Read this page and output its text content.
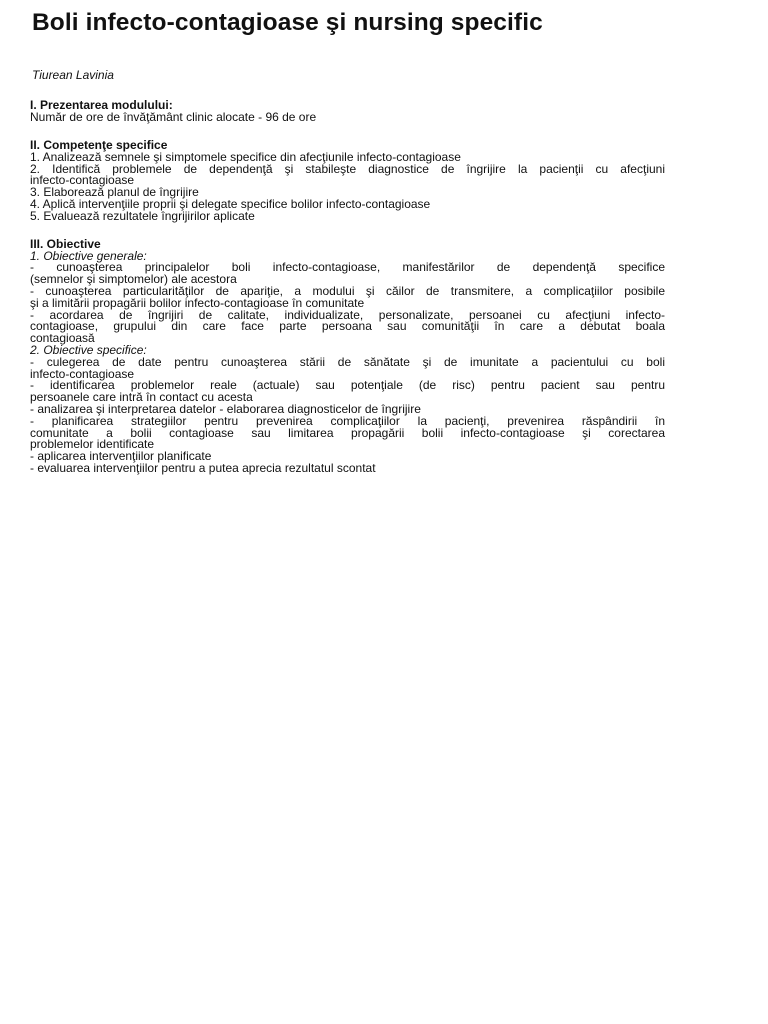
Boli infecto-contagioase şi nursing specific

Tiurean Lavinia

I. Prezentarea modulului:

Număr de ore de învăţământ clinic alocate - 96 de ore

II. Competenţe specifice

1. Analizează semnele şi simptomele specifice din afecţiunile infecto-contagioase

2. Identifică problemele de dependenţă şi stabileşte diagnostice de îngrijire la pacienţii cu afecţiuni

infecto-contagioase

3. Elaborează planul de îngrijire

4. Aplică intervenţiile proprii şi delegate specifice bolilor infecto-contagioase

5. Evaluează rezultatele îngrijirilor aplicate

III. Obiective

1. Obiective generale:

- cunoaşterea principalelor boli infecto-contagioase, manifestărilor de dependenţă specifice

(semnelor şi simptomelor) ale acestora

- cunoaşterea particularităţilor de apariţie, a modului şi căilor de transmitere, a complicaţiilor posibile

şi a limitării propagării bolilor infecto-contagioase în comunitate

- acordarea de îngrijiri de calitate, individualizate, personalizate, persoanei cu afecţiuni infecto-

contagioase, grupului din care face parte persoana sau comunităţii în care a debutat boala

contagioasă

2. Obiective specifice:

- culegerea de date pentru cunoaşterea stării de sănătate şi de imunitate a pacientului cu boli

infecto-contagioase

- identificarea problemelor reale (actuale) sau potenţiale (de risc) pentru pacient sau pentru

persoanele care intră în contact cu acesta

- analizarea şi interpretarea datelor - elaborarea diagnosticelor de îngrijire

- planificarea strategiilor pentru prevenirea complicaţiilor la pacienţi, prevenirea răspândirii în

comunitate a bolii contagioase sau limitarea propagării bolii infecto-contagioase şi corectarea

problemelor identificate

- aplicarea intervenţiilor planificate

- evaluarea intervenţiilor pentru a putea aprecia rezultatul scontat
